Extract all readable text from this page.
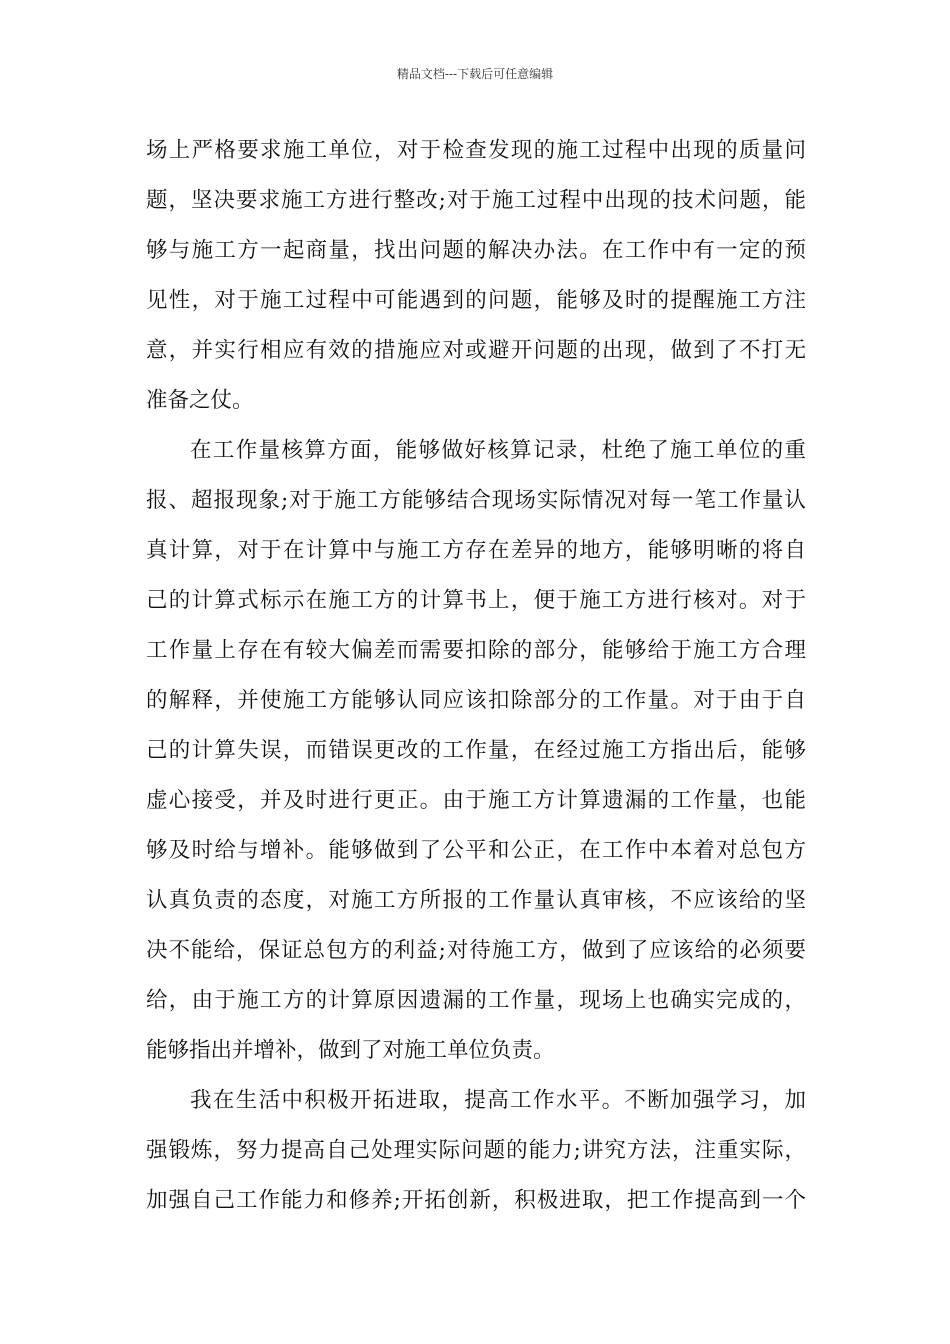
精品文档---下载后可任意编辑
场上严格要求施工单位，对于检查发现的施工过程中出现的质量问
题，坚决要求施工方进行整改;对于施工过程中出现的技术问题，能
够与施工方一起商量，找出问题的解决办法。在工作中有一定的预
见性，对于施工过程中可能遇到的问题，能够及时的提醒施工方注
意，并实行相应有效的措施应对或避开问题的出现，做到了不打无
准备之仗。
在工作量核算方面，能够做好核算记录，杜绝了施工单位的重
报、超报现象;对于施工方能够结合现场实际情况对每一笔工作量认
真计算，对于在计算中与施工方存在差异的地方，能够明晰的将自
己的计算式标示在施工方的计算书上，便于施工方进行核对。对于
工作量上存在有较大偏差而需要扣除的部分，能够给于施工方合理
的解释，并使施工方能够认同应该扣除部分的工作量。对于由于自
己的计算失误，而错误更改的工作量，在经过施工方指出后，能够
虚心接受，并及时进行更正。由于施工方计算遗漏的工作量，也能
够及时给与增补。能够做到了公平和公正，在工作中本着对总包方
认真负责的态度，对施工方所报的工作量认真审核，不应该给的坚
决不能给，保证总包方的利益;对待施工方，做到了应该给的必须要
给，由于施工方的计算原因遗漏的工作量，现场上也确实完成的，
能够指出并增补，做到了对施工单位负责。
我在生活中积极开拓进取，提高工作水平。不断加强学习，加
强锻炼，努力提高自己处理实际问题的能力;讲究方法，注重实际，
加强自己工作能力和修养;开拓创新，积极进取，把工作提高到一个
